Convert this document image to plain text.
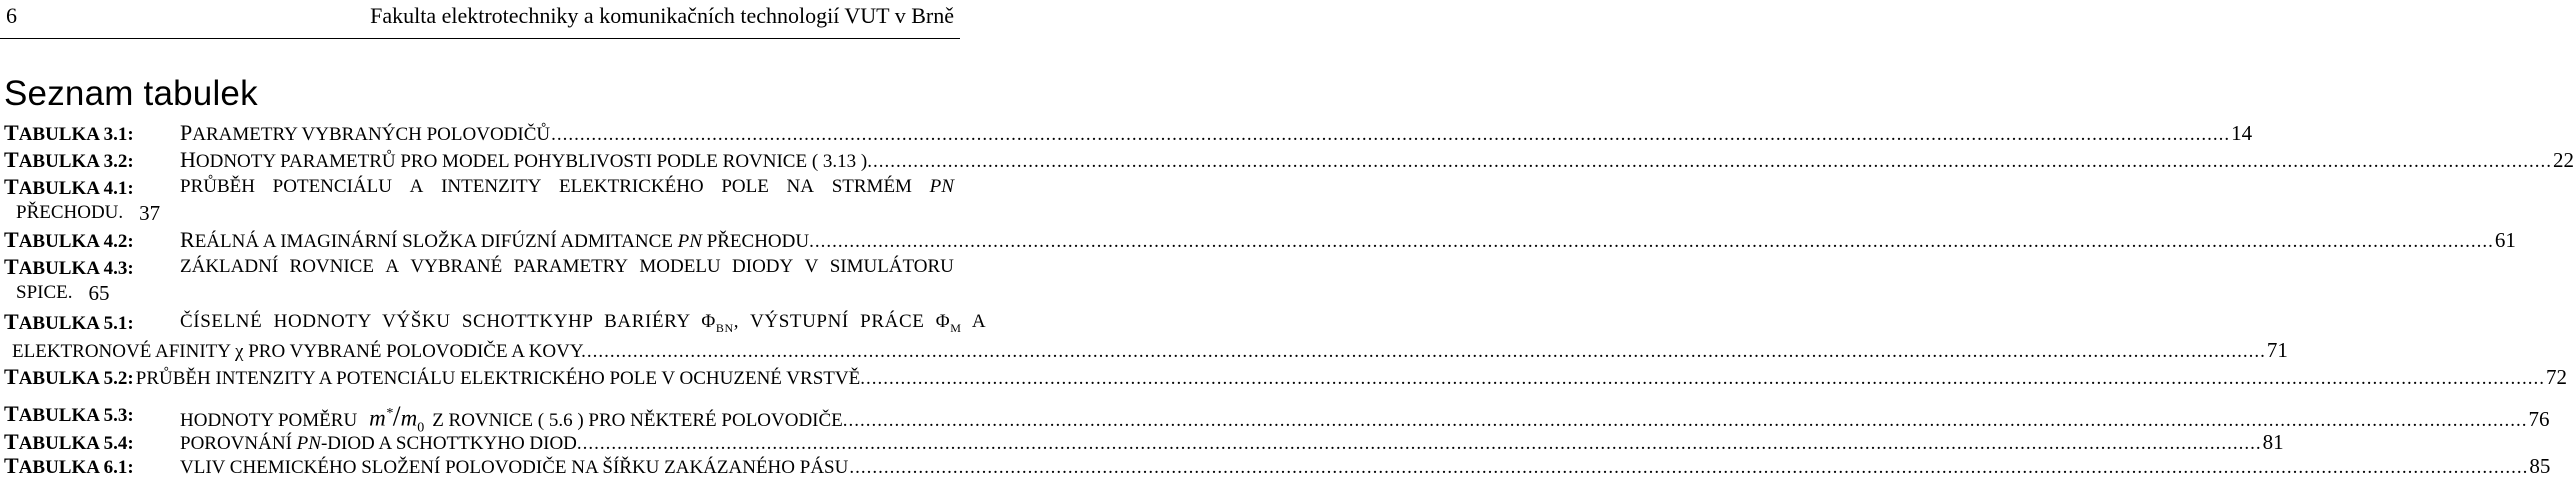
6	Fakulta elektrotechniky a komunikačních technologií VUT v Brně
Seznam tabulek
TABULKA 3.1: PARAMETRY VYBRANÝCH POLOVODIČŮ .....	14
TABULKA 3.2: HODNOTY PARAMETRŮ PRO MODEL POHYBLIVOSTI PODLE ROVNICE ( 3.13 ). .....	22
TABULKA 4.1: PRŮBĚH POTENCIÁLU A INTENZITY ELEKTRICKÉHO POLE NA STRMÉM PN
PŘECHODU. 37
TABULKA 4.2: REÁLNÁ A IMAGINÁRNÍ SLOŽKA DIFÚZNÍ ADMITANCE PN PŘECHODU. .....	61
TABULKA 4.3: ZÁKLADNÍ ROVNICE A VYBRANÉ PARAMETRY MODELU DIODY V SIMULÁTORU
SPICE. 65
TABULKA 5.1: ČÍSELNÉ HODNOTY VÝŠKU SCHOTTKYHP BARIÉRY $\Phi_{BN}$, VÝSTUPNÍ PRÁCE $\Phi_M$ A
ELEKTRONOVÉ AFINITY χ PRO VYBRANÉ POLOVODIČE A KOVY. .....	71
TABULKA 5.2: PRŮBĚH INTENZITY A POTENCIÁLU ELEKTRICKÉHO POLE V OCHUZENÉ VRSTVĚ. .....	72
TABULKA 5.3: HODNOTY POMĚRU $m^*/m_0$ Z ROVNICE ( 5.6 ) PRO NĚKTERÉ POLOVODIČE. .....	76
TABULKA 5.4: POROVNÁNÍ PN-DIOD A SCHOTTKYHO DIOD. .....	81
TABULKA 6.1: VLIV CHEMICKÉHO SLOŽENÍ POLOVODIČE NA ŠÍŘKU ZAKÁZANÉHO PÁSU .....	85
